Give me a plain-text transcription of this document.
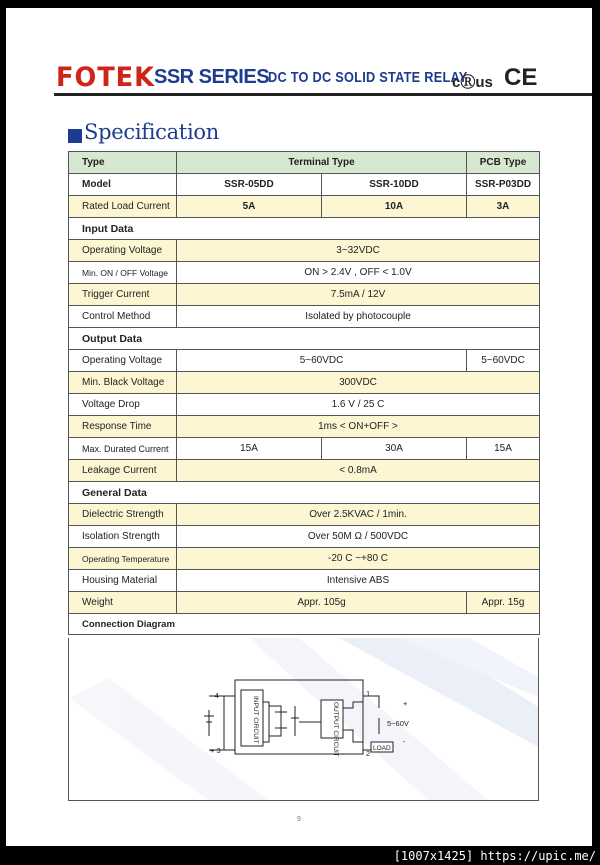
FOTEK SSR SERIES
DC TO DC SOLID STATE RELAY
cⓇus CE
Specification
Type	Terminal Type		PCB Type
Model	SSR-05DD	SSR-10DD	SSR-P03DD
Rated Load Current	5A	10A	3A
Input Data			
Operating Voltage	3~32VDC		
Min. ON / OFF Voltage	ON > 2.4V , OFF < 1.0V		
Trigger Current	7.5mA / 12V		
Control Method	Isolated by photocouple		
Output Data			
Operating Voltage	5~60VDC		5~60VDC
Min. Black Voltage	300VDC		
Voltage Drop	1.6 V / 25 C		
Response Time	1ms < ON+OFF >		
Max. Durated Current	15A	30A	15A
Leakage Current	< 0.8mA		
General Data			
Dielectric Strength	Over 2.5KVAC / 1min.		
Isolation Strength	Over 50M Ω / 500VDC		
Operating Temperature	-20 C ~+80 C		
Housing Material	Intensive ABS		
Weight	Appr. 105g		Appr. 15g
Connection Diagram			
- 4
+ 3
1
2
+
-
5~60V
LOAD
INPUT CIRCUIT	OUTPUT CIRCUIT
9
[1007x1425] https://upic.me/
